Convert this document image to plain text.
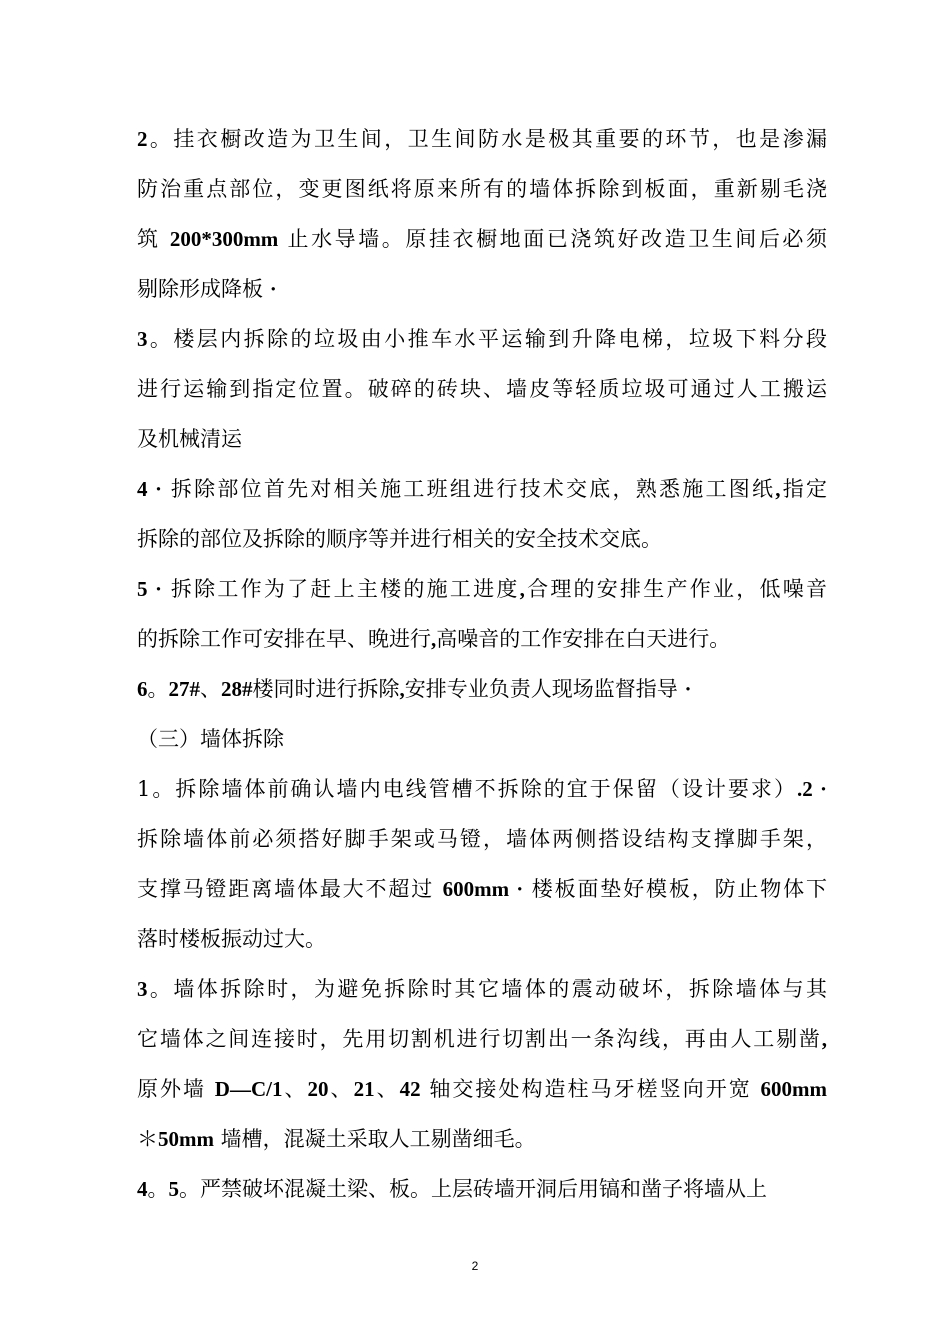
2。挂衣橱改造为卫生间，卫生间防水是极其重要的环节，也是渗漏
防治重点部位，变更图纸将原来所有的墙体拆除到板面，重新剔毛浇
筑 200*300mm 止水导墙。原挂衣橱地面已浇筑好改造卫生间后必须
剔除形成降板 ·
3。楼层内拆除的垃圾由小推车水平运输到升降电梯，垃圾下料分段
进行运输到指定位置。破碎的砖块、墙皮等轻质垃圾可通过人工搬运
及机械清运
4 · 拆除部位首先对相关施工班组进行技术交底，熟悉施工图纸,指定
拆除的部位及拆除的顺序等并进行相关的安全技术交底。
5 · 拆除工作为了赶上主楼的施工进度,合理的安排生产作业，低噪音
的拆除工作可安排在早、晚进行,高噪音的工作安排在白天进行。
6。27#、28#楼同时进行拆除,安排专业负责人现场监督指导 ·
（三）墙体拆除
1。拆除墙体前确认墙内电线管槽不拆除的宜于保留（设计要求）.2 ·
拆除墙体前必须搭好脚手架或马镫，墙体两侧搭设结构支撑脚手架，
支撑马镫距离墙体最大不超过 600mm · 楼板面垫好模板，防止物体下
落时楼板振动过大。
3。墙体拆除时，为避免拆除时其它墙体的震动破坏，拆除墙体与其
它墙体之间连接时，先用切割机进行切割出一条沟线，再由人工剔凿,
原外墙 D—C/1、20、21、42 轴交接处构造柱马牙槎竖向开宽 600mm
＊50mm 墙槽，混凝土采取人工剔凿细毛。
4。5。严禁破坏混凝土梁、板。上层砖墙开洞后用镐和凿子将墙从上
2
